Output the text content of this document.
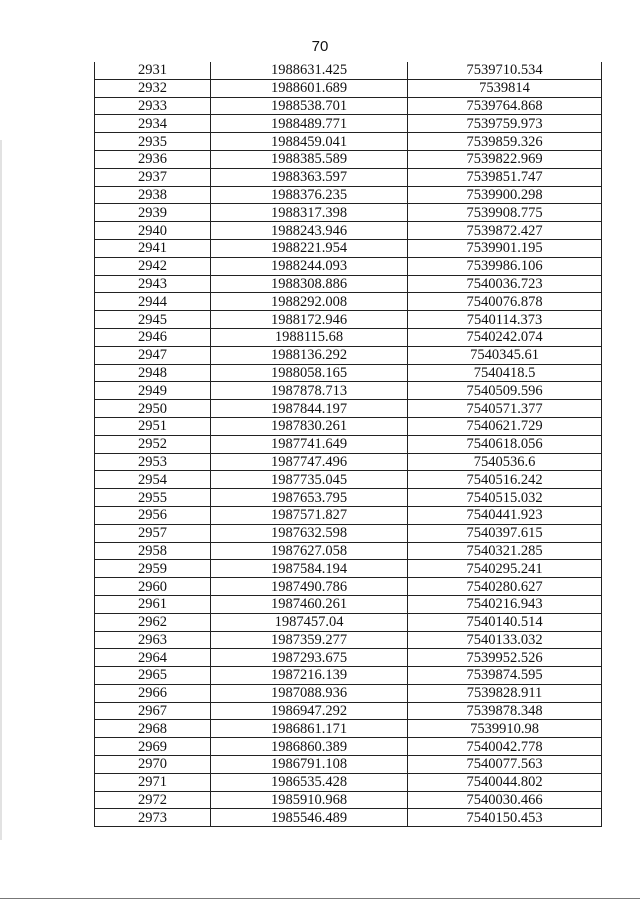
70
2931	1988631.425	7539710.534
2932	1988601.689	7539814
2933	1988538.701	7539764.868
2934	1988489.771	7539759.973
2935	1988459.041	7539859.326
2936	1988385.589	7539822.969
2937	1988363.597	7539851.747
2938	1988376.235	7539900.298
2939	1988317.398	7539908.775
2940	1988243.946	7539872.427
2941	1988221.954	7539901.195
2942	1988244.093	7539986.106
2943	1988308.886	7540036.723
2944	1988292.008	7540076.878
2945	1988172.946	7540114.373
2946	1988115.68	7540242.074
2947	1988136.292	7540345.61
2948	1988058.165	7540418.5
2949	1987878.713	7540509.596
2950	1987844.197	7540571.377
2951	1987830.261	7540621.729
2952	1987741.649	7540618.056
2953	1987747.496	7540536.6
2954	1987735.045	7540516.242
2955	1987653.795	7540515.032
2956	1987571.827	7540441.923
2957	1987632.598	7540397.615
2958	1987627.058	7540321.285
2959	1987584.194	7540295.241
2960	1987490.786	7540280.627
2961	1987460.261	7540216.943
2962	1987457.04	7540140.514
2963	1987359.277	7540133.032
2964	1987293.675	7539952.526
2965	1987216.139	7539874.595
2966	1987088.936	7539828.911
2967	1986947.292	7539878.348
2968	1986861.171	7539910.98
2969	1986860.389	7540042.778
2970	1986791.108	7540077.563
2971	1986535.428	7540044.802
2972	1985910.968	7540030.466
2973	1985546.489	7540150.453
